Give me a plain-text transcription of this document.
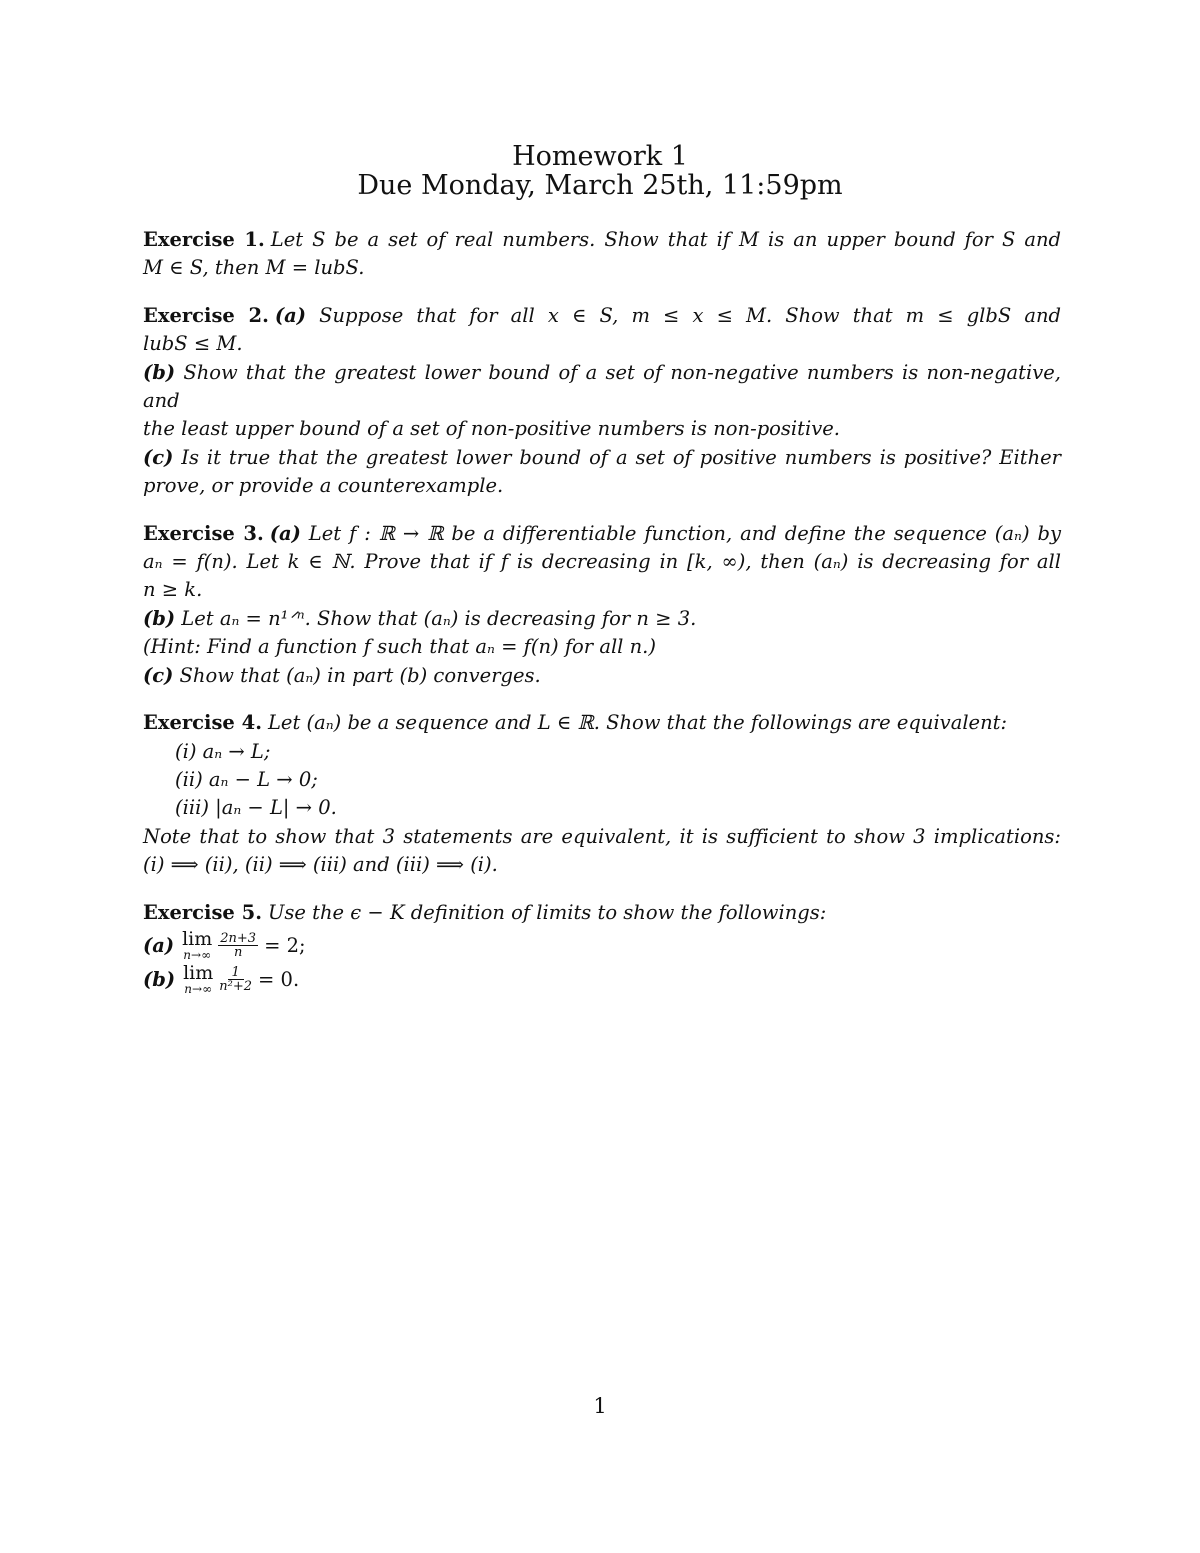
Homework 1
Due Monday, March 25th, 11:59pm
Exercise 1. Let S be a set of real numbers. Show that if M is an upper bound for S and
M ∈ S, then M = lubS.
Exercise 2. (a) Suppose that for all x ∈ S, m ≤ x ≤ M. Show that m ≤ glbS and
lubS ≤ M.
(b) Show that the greatest lower bound of a set of non-negative numbers is non-negative, and
the least upper bound of a set of non-positive numbers is non-positive.
(c) Is it true that the greatest lower bound of a set of positive numbers is positive? Either
prove, or provide a counterexample.
Exercise 3. (a) Let f : ℝ → ℝ be a differentiable function, and define the sequence (aₙ) by
aₙ = f(n). Let k ∈ ℕ. Prove that if f is decreasing in [k, ∞), then (aₙ) is decreasing for all
n ≥ k.
(b) Let aₙ = n¹ᐟⁿ. Show that (aₙ) is decreasing for n ≥ 3.
(Hint: Find a function f such that aₙ = f(n) for all n.)
(c) Show that (aₙ) in part (b) converges.
Exercise 4. Let (aₙ) be a sequence and L ∈ ℝ. Show that the followings are equivalent:
(i) aₙ → L;
(ii) aₙ − L → 0;
(iii) |aₙ − L| → 0.
Note that to show that 3 statements are equivalent, it is sufficient to show 3 implications:
(i) ⟹ (ii), (ii) ⟹ (iii) and (iii) ⟹ (i).
Exercise 5. Use the ϵ − K definition of limits to show the followings:
(a) lim
$n\to\infty \frac{2n+3}{n} = 2$;
(b) lim
$n\to\infty \frac{1}{\text{n²+2}} = 0$.
1
